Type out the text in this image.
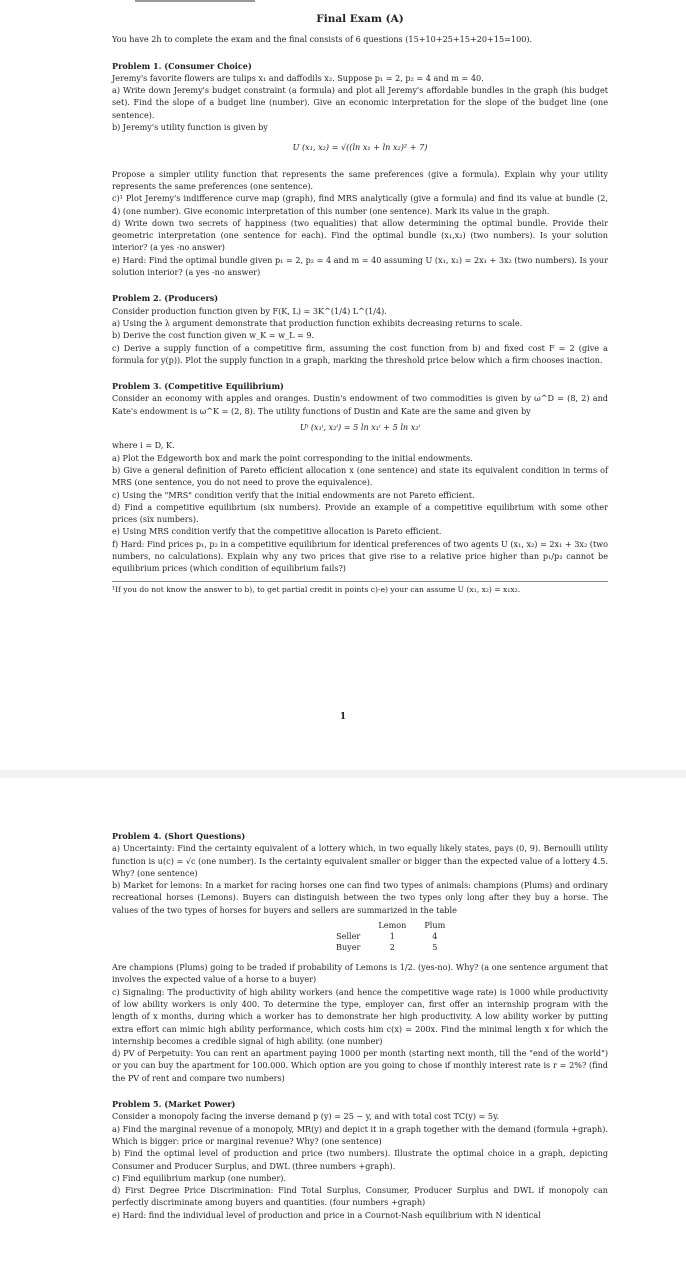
Final Exam (A)

You have 2h to complete the exam and the final consists of 6 questions (15+10+25+15+20+15=100).

Problem 1. (Consumer Choice)

Jeremy's favorite flowers are tulips x₁ and daffodils x₂. Suppose p₁ = 2, p₂ = 4 and m = 40.

a) Write down Jeremy's budget constraint (a formula) and plot all Jeremy's affordable bundles in the graph (his budget set). Find the slope of a budget line (number). Give an economic interpretation for the slope of the budget line (one sentence).

b) Jeremy's utility function is given by

U (x₁, x₂) = √((ln x₁ + ln x₂)² + 7)

Propose a simpler utility function that represents the same preferences (give a formula). Explain why your utility represents the same preferences (one sentence).

c)¹ Plot Jeremy's indifference curve map (graph), find MRS analytically (give a formula) and find its value at bundle (2, 4) (one number). Give economic interpretation of this number (one sentence). Mark its value in the graph.

d) Write down two secrets of happiness (two equalities) that allow determining the optimal bundle. Provide their geometric interpretation (one sentence for each). Find the optimal bundle (x₁,x₂) (two numbers). Is your solution interior? (a yes -no answer)

e) Hard: Find the optimal bundle given p₁ = 2, p₂ = 4 and m = 40 assuming U (x₁, x₂) = 2x₁ + 3x₂ (two numbers). Is your solution interior? (a yes -no answer)

Problem 2. (Producers)

Consider production function given by F(K, L) = 3K^(1/4) L^(1/4).

a) Using the λ argument demonstrate that production function exhibits decreasing returns to scale.

b) Derive the cost function given w_K = w_L = 9.

c) Derive a supply function of a competitive firm, assuming the cost function from b) and fixed cost F = 2 (give a formula for y(p)). Plot the supply function in a graph, marking the threshold price below which a firm chooses inaction.

Problem 3. (Competitive Equilibrium)

Consider an economy with apples and oranges. Dustin's endowment of two commodities is given by ω^D = (8, 2) and Kate's endowment is ω^K = (2, 8). The utility functions of Dustin and Kate are the same and given by

Uⁱ (x₁ⁱ, x₂ⁱ) = 5 ln x₁ⁱ + 5 ln x₂ⁱ

where i = D, K.

a) Plot the Edgeworth box and mark the point corresponding to the initial endowments.

b) Give a general definition of Pareto efficient allocation x (one sentence) and state its equivalent condition in terms of MRS (one sentence, you do not need to prove the equivalence).

c) Using the "MRS" condition verify that the initial endowments are not Pareto efficient.

d) Find a competitive equilibrium (six numbers). Provide an example of a competitive equilibrium with some other prices (six numbers).

e) Using MRS condition verify that the competitive allocation is Pareto efficient.

f) Hard: Find prices p₁, p₂ in a competitive equilibrium for identical preferences of two agents U (x₁, x₂) = 2x₁ + 3x₂ (two numbers, no calculations). Explain why any two prices that give rise to a relative price higher than p₁/p₂ cannot be equilibrium prices (which condition of equilibrium fails?)

¹If you do not know the answer to b), to get partial credit in points c)-e) your can assume U (x₁, x₂) = x₁x₂.

1

Problem 4. (Short Questions)

a) Uncertainty: Find the certainty equivalent of a lottery which, in two equally likely states, pays (0, 9). Bernoulli utility function is u(c) = √c (one number). Is the certainty equivalent smaller or bigger than the expected value of a lottery 4.5. Why? (one sentence)

b) Market for lemons: In a market for racing horses one can find two types of animals: champions (Plums) and ordinary recreational horses (Lemons). Buyers can distinguish between the two types only long after they buy a horse. The values of the two types of horses for buyers and sellers are summarized in the table

	Lemon	Plum
Seller	1	4
Buyer	2	5

Are champions (Plums) going to be traded if probability of Lemons is 1/2. (yes-no). Why? (a one sentence argument that involves the expected value of a horse to a buyer)

c) Signaling: The productivity of high ability workers (and hence the competitive wage rate) is 1000 while productivity of low ability workers is only 400. To determine the type, employer can, first offer an internship program with the length of x months, during which a worker has to demonstrate her high productivity. A low ability worker by putting extra effort can mimic high ability performance, which costs him c(x) = 200x. Find the minimal length x for which the internship becomes a credible signal of high ability. (one number)

d) PV of Perpetuity: You can rent an apartment paying 1000 per month (starting next month, till the "end of the world") or you can buy the apartment for 100.000. Which option are you going to chose if monthly interest rate is r = 2%? (find the PV of rent and compare two numbers)

Problem 5. (Market Power)

Consider a monopoly facing the inverse demand p (y) = 25 − y, and with total cost TC(y) = 5y.

a) Find the marginal revenue of a monopoly, MR(y) and depict it in a graph together with the demand (formula +graph). Which is bigger: price or marginal revenue? Why? (one sentence)

b) Find the optimal level of production and price (two numbers). Illustrate the optimal choice in a graph, depicting Consumer and Producer Surplus, and DWL (three numbers +graph).

c) Find equilibrium markup (one number).

d) First Degree Price Discrimination: Find Total Surplus, Consumer, Producer Surplus and DWL if monopoly can perfectly discriminate among buyers and quantities. (four numbers +graph)

e) Hard: find the individual level of production and price in a Cournot-Nash equilibrium with N identical
